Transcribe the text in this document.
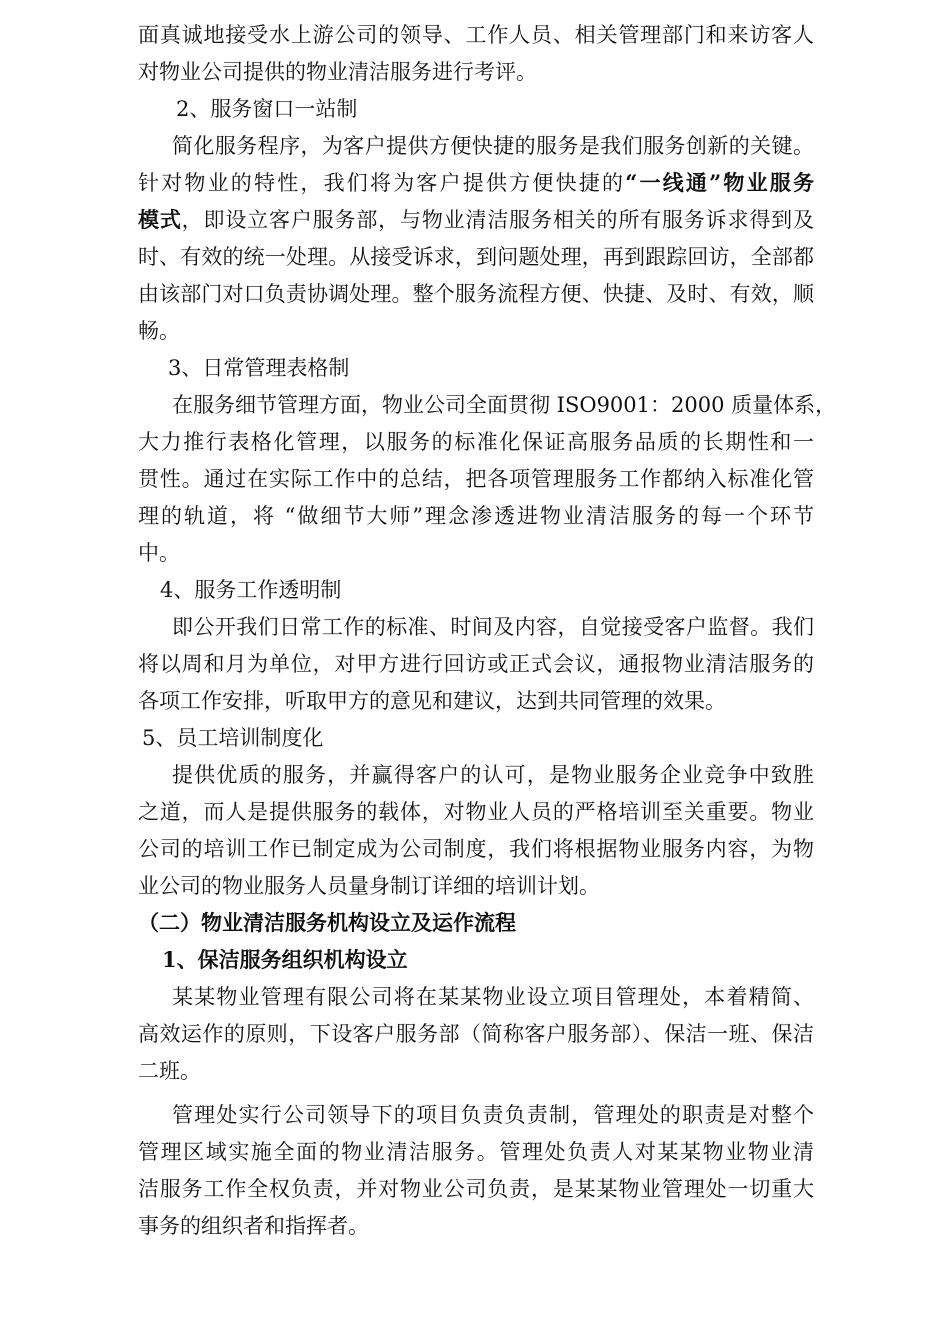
面真诚地接受水上游公司的领导、工作人员、相关管理部门和来访客人
对物业公司提供的物业清洁服务进行考评。
2、服务窗口一站制
简化服务程序，为客户提供方便快捷的服务是我们服务创新的关键。
针对物业的特性，我们将为客户提供方便快捷的“一线通”物业服务
模式，即设立客户服务部，与物业清洁服务相关的所有服务诉求得到及
时、有效的统一处理。从接受诉求，到问题处理，再到跟踪回访，全部都
由该部门对口负责协调处理。整个服务流程方便、快捷、及时、有效，顺
畅。
3、日常管理表格制
在服务细节管理方面，物业公司全面贯彻 ISO9001：2000 质量体系，
大力推行表格化管理，以服务的标准化保证高服务品质的长期性和一
贯性。通过在实际工作中的总结，把各项管理服务工作都纳入标准化管
理的轨道，将 “做细节大师”理念渗透进物业清洁服务的每一个环节
中。
4、服务工作透明制
即公开我们日常工作的标准、时间及内容，自觉接受客户监督。我们
将以周和月为单位，对甲方进行回访或正式会议，通报物业清洁服务的
各项工作安排，听取甲方的意见和建议，达到共同管理的效果。
5、员工培训制度化
提供优质的服务，并赢得客户的认可，是物业服务企业竞争中致胜
之道，而人是提供服务的载体，对物业人员的严格培训至关重要。物业
公司的培训工作已制定成为公司制度，我们将根据物业服务内容，为物
业公司的物业服务人员量身制订详细的培训计划。
（二）物业清洁服务机构设立及运作流程
1、保洁服务组织机构设立
某某物业管理有限公司将在某某物业设立项目管理处，本着精简、
高效运作的原则，下设客户服务部（简称客户服务部）、保洁一班、保洁
二班。
管理处实行公司领导下的项目负责负责制，管理处的职责是对整个
管理区域实施全面的物业清洁服务。管理处负责人对某某物业物业清
洁服务工作全权负责，并对物业公司负责，是某某物业管理处一切重大
事务的组织者和指挥者。
